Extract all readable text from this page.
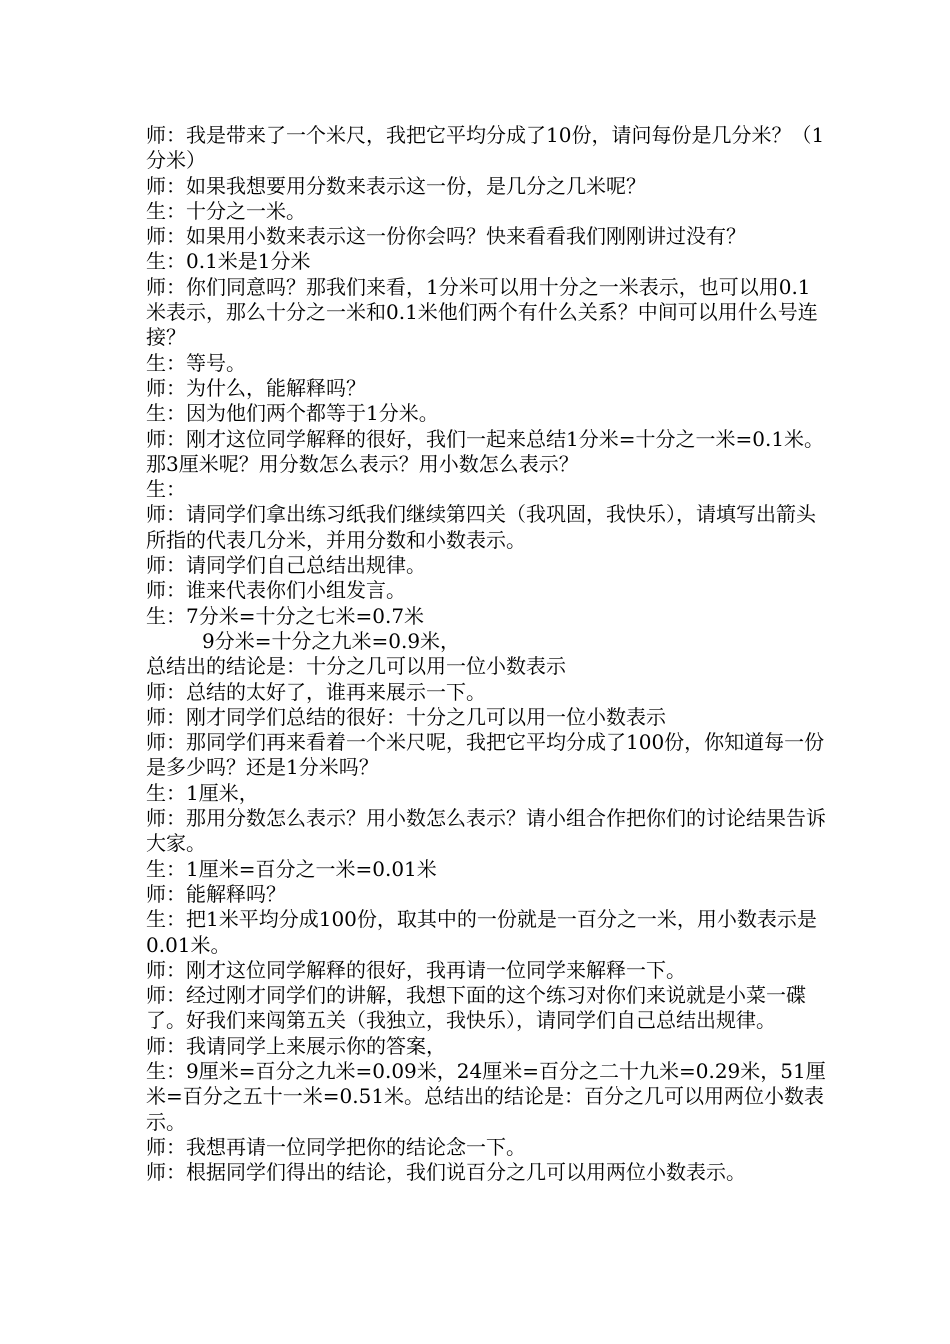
师：我是带来了一个米尺，我把它平均分成了10份，请问每份是几分米？（1分米）

师：如果我想要用分数来表示这一份，是几分之几米呢？

生：十分之一米。

师：如果用小数来表示这一份你会吗？快来看看我们刚刚讲过没有？

生：0.1米是1分米

师：你们同意吗？那我们来看，1分米可以用十分之一米表示，也可以用0.1米表示，那么十分之一米和0.1米他们两个有什么关系？中间可以用什么号连接？

生：等号。

师：为什么，能解释吗？

生：因为他们两个都等于1分米。

师：刚才这位同学解释的很好，我们一起来总结1分米=十分之一米=0.1米。那3厘米呢？用分数怎么表示？用小数怎么表示？

生：

师：请同学们拿出练习纸我们继续第四关（我巩固，我快乐），请填写出箭头所指的代表几分米，并用分数和小数表示。

师：请同学们自己总结出规律。

师：谁来代表你们小组发言。

生：7分米=十分之七米=0.7米

9分米=十分之九米=0.9米，

总结出的结论是：十分之几可以用一位小数表示

师：总结的太好了，谁再来展示一下。

师：刚才同学们总结的很好：十分之几可以用一位小数表示

师：那同学们再来看着一个米尺呢，我把它平均分成了100份，你知道每一份是多少吗？还是1分米吗？

生：1厘米，

师：那用分数怎么表示？用小数怎么表示？请小组合作把你们的讨论结果告诉大家。

生：1厘米=百分之一米=0.01米

师：能解释吗？

生：把1米平均分成100份，取其中的一份就是一百分之一米，用小数表示是0.01米。

师：刚才这位同学解释的很好，我再请一位同学来解释一下。

师：经过刚才同学们的讲解，我想下面的这个练习对你们来说就是小菜一碟了。好我们来闯第五关（我独立，我快乐），请同学们自己总结出规律。

师：我请同学上来展示你的答案，

生：9厘米=百分之九米=0.09米，24厘米=百分之二十九米=0.29米，51厘米=百分之五十一米=0.51米。总结出的结论是：百分之几可以用两位小数表示。

师：我想再请一位同学把你的结论念一下。

师：根据同学们得出的结论，我们说百分之几可以用两位小数表示。
